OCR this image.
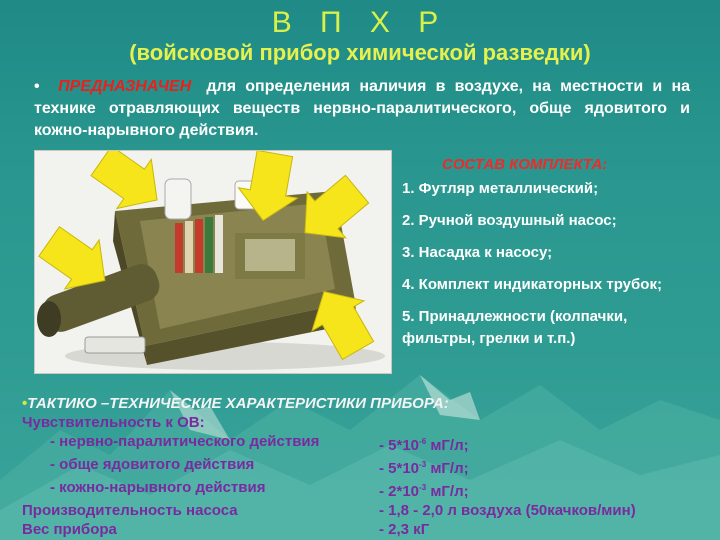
В П Х Р
(войсковой прибор химической разведки)
• ПРЕДНАЗНАЧЕН для определения наличия в воздухе, на местности и на технике отравляющих веществ нервно-паралитического, обще ядовитого и кожно-нарывного действия.
СОСТАВ КОМПЛЕКТА:
1. Футляр металлический;
2. Ручной воздушный насос;
3. Насадка к насосу;
4. Комплект индикаторных трубок;
5. Принадлежности (колпачки, фильтры, грелки и т.п.)
•ТАКТИКО –ТЕХНИЧЕСКИЕ ХАРАКТЕРИСТИКИ ПРИБОРА:
Чувствительность к ОВ:
- нервно-паралитического действия	- $5*10^{-6}$ мГ/л;
- обще ядовитого действия	- $5*10^{-3}$ мГ/л;
- кожно-нарывного действия	- $2*10^{-3}$ мГ/л;
Производительность насоса	- 1,8 - 2,0 л воздуха (50качков/мин)
Вес прибора	- 2,3 кГ
